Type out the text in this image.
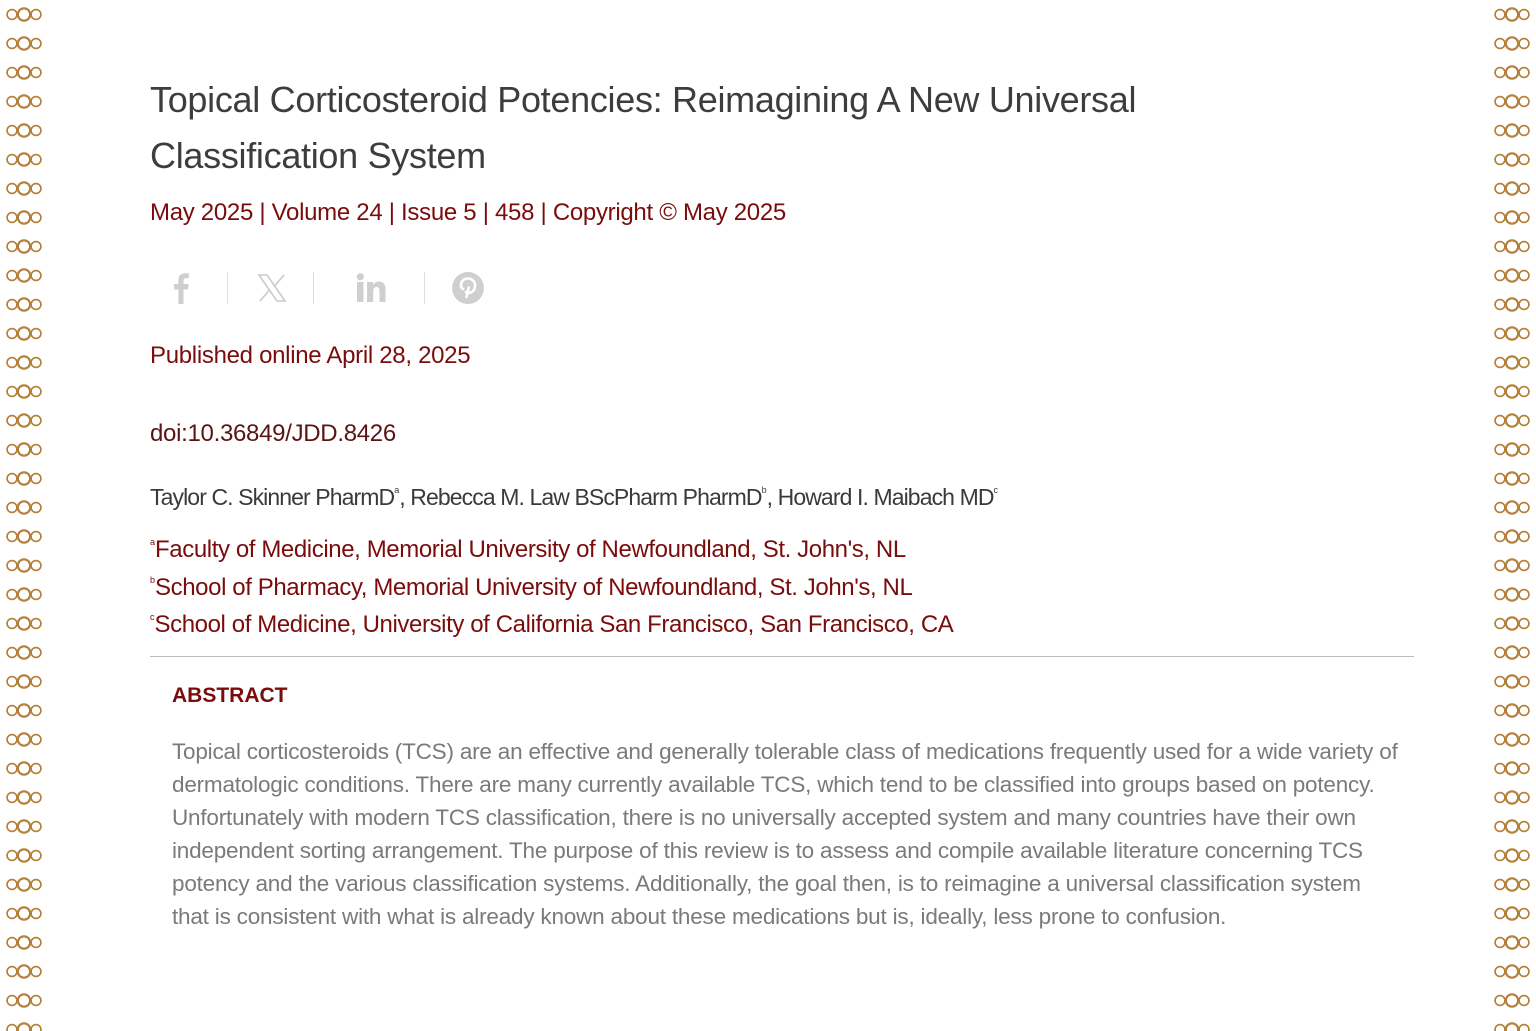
Topical Corticosteroid Potencies: Reimagining A New Universal Classification System

May 2025 | Volume 24 | Issue 5 | 458 | Copyright © May 2025

Published online April 28, 2025

doi:10.36849/JDD.8426

Taylor C. Skinner PharmD$^a$, Rebecca M. Law BScPharm PharmD$^b$, Howard I. Maibach $MD^c$

$^a$Faculty of Medicine, Memorial University of Newfoundland, St. John's, NL

$^b$School of Pharmacy, Memorial University of Newfoundland, St. John's, NL

$^c$School of Medicine, University of California San Francisco, San Francisco, CA

ABSTRACT

Topical corticosteroids (TCS) are an effective and generally tolerable class of medications frequently used for a wide variety of dermatologic conditions. There are many currently available TCS, which tend to be classified into groups based on potency. Unfortunately with modern TCS classification, there is no universally accepted system and many countries have their own independent sorting arrangement. The purpose of this review is to assess and compile available literature concerning TCS potency and the various classification systems. Additionally, the goal then, is to reimagine a universal classification system that is consistent with what is already known about these medications but is, ideally, less prone to confusion.
